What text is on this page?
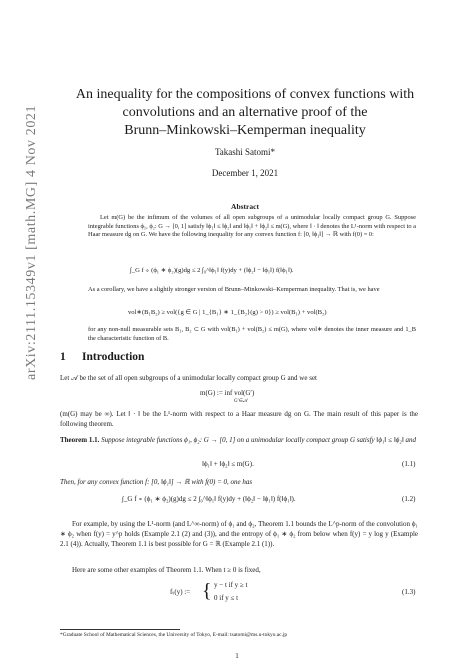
arXiv:2111.15349v1 [math.MG] 4 Nov 2021
An inequality for the compositions of convex functions with
convolutions and an alternative proof of the
Brunn–Minkowski–Kemperman inequality
Takashi Satomi*
December 1, 2021
Abstract
Let m(G) be the infimum of the volumes of all open subgroups of a unimodular locally compact group G. Suppose integrable functions ϕ₁, ϕ₂: G → [0, 1] satisfy ‖ϕ₁‖ ≤ ‖ϕ₂‖ and ‖ϕ₁‖ + ‖ϕ₂‖ ≤ m(G), where ‖ · ‖ denotes the L¹-norm with respect to a Haar measure dg on G. We have the following inequality for any convex function f: [0, ‖ϕ₁‖] → ℝ with f(0) = 0:
∫_G f ∘ (ϕ₁ ∗ ϕ₂)(g)dg ≤ 2 ∫₀^‖ϕ₁‖ f(y)dy + (‖ϕ₂‖ − ‖ϕ₁‖) f(‖ϕ₁‖).
As a corollary, we have a slightly stronger version of Brunn–Minkowski–Kemperman inequality. That is, we have
vol∗(B₁B₂) ≥ vol({g ∈ G | 1_{B₁} ∗ 1_{B₂}(g) > 0}) ≥ vol(B₁) + vol(B₂)
for any non-null measurable sets B₁, B₂ ⊂ G with vol(B₁) + vol(B₂) ≤ m(G), where vol∗ denotes the inner measure and 1_B the characteristic function of B.
1 Introduction
Let 𝒜 be the set of all open subgroups of a unimodular locally compact group G and we set
m(G) := inf vol(G′)
G′∈𝒜
(m(G) may be ∞). Let ‖ · ‖ be the L¹-norm with respect to a Haar measure dg on G. The main result of this paper is the following theorem.
Theorem 1.1. Suppose integrable functions ϕ₁, ϕ₂: G → [0, 1] on a unimodular locally compact group G satisfy ‖ϕ₁‖ ≤ ‖ϕ₂‖ and
‖ϕ₁‖ + ‖ϕ₂‖ ≤ m(G).	(1.1)
Then, for any convex function f: [0, ‖ϕ₁‖] → ℝ with f(0) = 0, one has
∫_G f ∘ (ϕ₁ ∗ ϕ₂)(g)dg ≤ 2 ∫₀^‖ϕ₁‖ f(y)dy + (‖ϕ₂‖ − ‖ϕ₁‖) f(‖ϕ₁‖).	(1.2)
For example, by using the L¹-norm (and L^∞-norm) of ϕ₁ and ϕ₂, Theorem 1.1 bounds the L^p-norm of the convolution ϕ₁ ∗ ϕ₂ when f(y) = y^p holds (Example 2.1 (2) and (3)), and the entropy of ϕ₁ ∗ ϕ₂ from below when f(y) = y log y (Example 2.1 (4)). Actually, Theorem 1.1 is best possible for G = ℝ (Example 2.1 (1)).
Here are some other examples of Theorem 1.1. When t ≥ 0 is fixed,
fₜ(y) := { y − t if y ≥ t
0 if y ≤ t
(1.3)
*Graduate School of Mathematical Sciences, the University of Tokyo, E-mail: tsatomi@ms.u-tokyo.ac.jp
1
